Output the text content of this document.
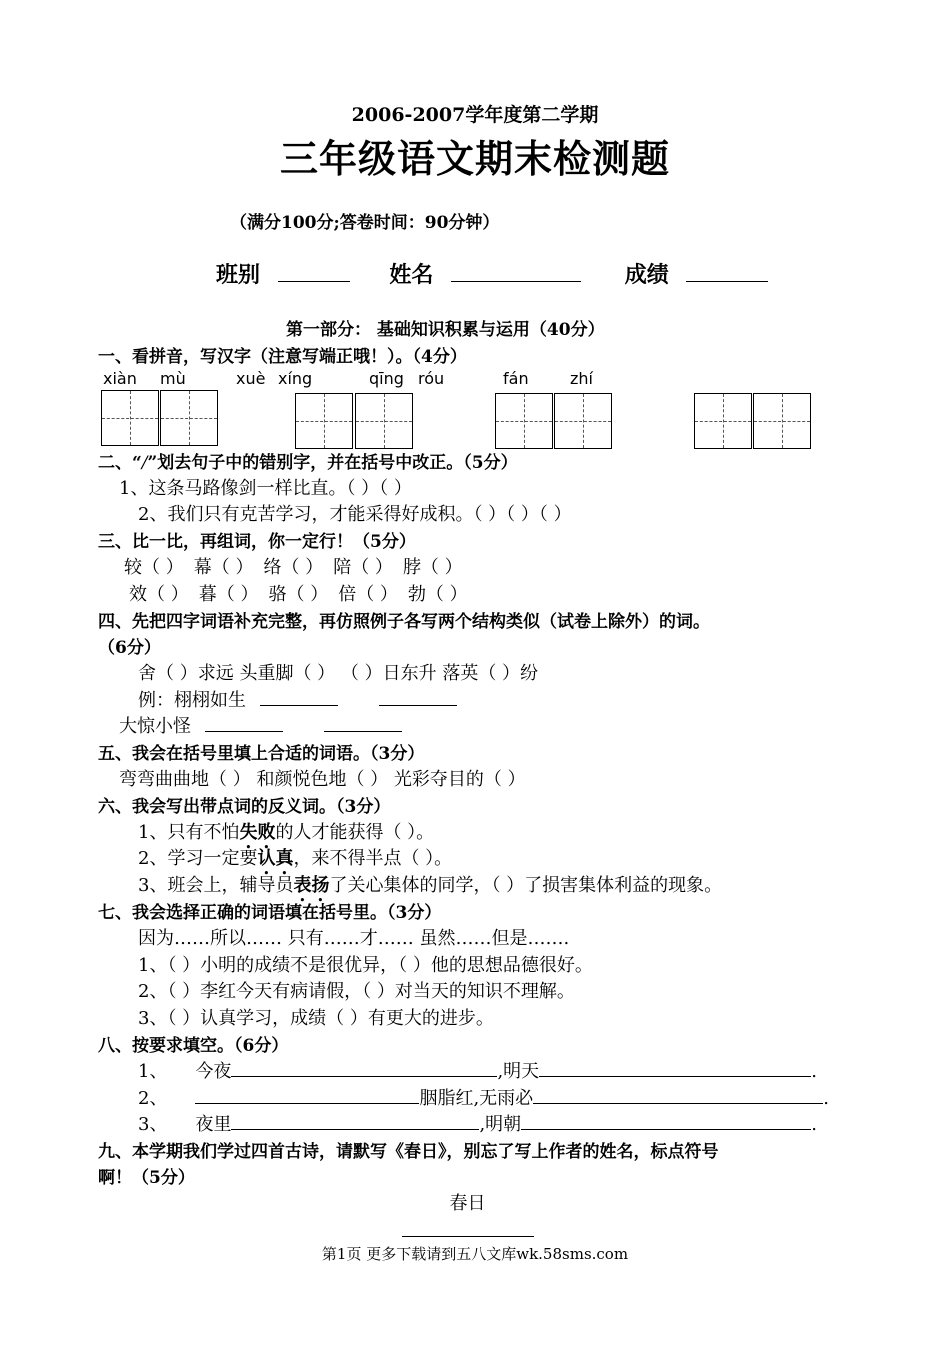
2006-2007学年度第二学期
三年级语文期末检测题
（满分100分;答卷时间：90分钟）
班别	姓名	成绩
第一部分： 基础知识积累与运用（40分）
一、看拼音，写汉字（注意写端正哦！）。（4分）
xiàn mù	xuè xíng	qīng róu	fán	zhí
二、“/”划去句子中的错别字，并在括号中改正。（5分）
1、这条马路像剑一样比直。（ ）（ ）
2、我们只有克苦学习，才能采得好成积。（ ）（ ）（ ）
三、比一比，再组词，你一定行！（5分）
较（ ） 幕（ ） 络（ ） 陪（ ） 脖（ ）
效（ ） 暮（ ） 骆（ ） 倍（ ） 勃（ ）
四、先把四字词语补充完整，再仿照例子各写两个结构类似（试卷上除外）的词。
（6分）
舍（ ）求远 头重脚（ ） （ ）日东升 落英（ ）纷
例：栩栩如生
大惊小怪
五、我会在括号里填上合适的词语。（3分）
弯弯曲曲地（ ） 和颜悦色地（ ） 光彩夺目的（ ）
六、我会写出带点词的反义词。（3分）
1、只有不怕失败的人才能获得（ ）。
2、学习一定要认真，来不得半点（ ）。
3、班会上，辅导员表扬了关心集体的同学，（ ）了损害集体利益的现象。
七、我会选择正确的词语填在括号里。（3分）
因为……所以…… 只有……才…… 虽然……但是…….
1、（ ）小明的成绩不是很优异，（ ）他的思想品德很好。
2、（ ）李红今天有病请假，（ ）对当天的知识不理解。
3、（ ）认真学习，成绩（ ）有更大的进步。
八、按要求填空。（6分）
1、 今夜	,明天	.
2、	胭脂红,无雨必	.
3、 夜里	,明朝	.
九、本学期我们学过四首古诗，请默写《春日》，别忘了写上作者的姓名，标点符号
啊！（5分）
春日
第1页 更多下载请到五八文库wk.58sms.com
